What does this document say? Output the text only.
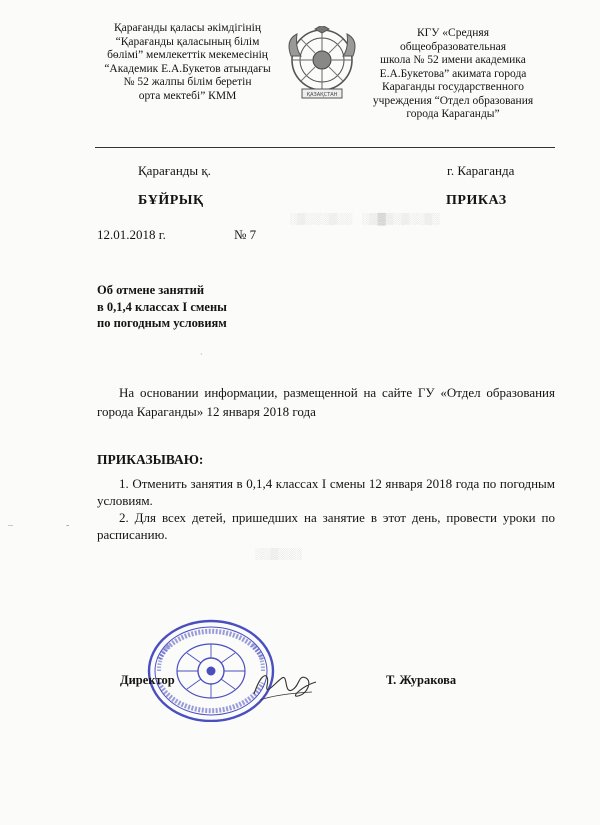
Қарағанды қаласы әкімдігінің
“Қарағанды қаласының білім
бөлімі” мемлекеттік мекемесінің
“Академик Е.А.Букетов атындағы
№ 52 жалпы білім беретін
орта мектебі” КММ	ҚАЗАҚСТАН
КГУ «Средняя
общеобразовательная
школа № 52 имени академика
Е.А.Букетова” акимата города
Караганды государственного
учреждения “Отдел образования
города Караганды”
Қарағанды қ.	г. Караганда
БҰЙРЫҚ	ПРИКАЗ
░▒░░░▒░░ ░▒▓▒░▒░░▒░
12.01.2018 г.	№ 7
Об отмене занятий
в 0,1,4 классах I смены
по погодным условиям
ˎ
На основании информации, размещенной на сайте ГУ «Отдел образования города Караганды» 12 января 2018 года
ПРИКАЗЫВАЮ:
1. Отменить занятия в 0,1,4 классах I смены 12 января 2018 года по погодным условиям.
2. Для всех детей, пришедших на занятие в этот день, провести уроки по расписанию.
–	-
░░▒░░░
Директор	Т. Журакова
